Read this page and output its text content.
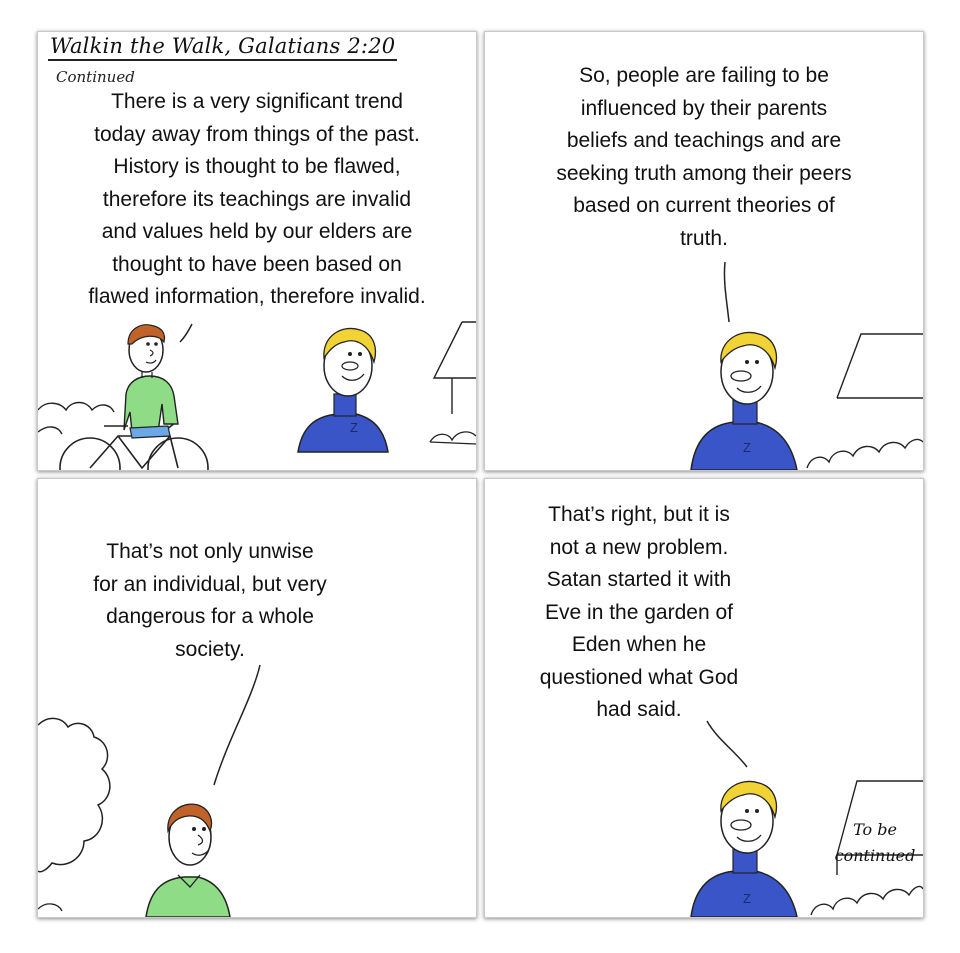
Z
Walkin the Walk, Galatians 2:20
Continued
There is a very significant trend
today away from things of the past.
History is thought to be flawed,
therefore its teachings are invalid
and values held by our elders are
thought to have been based on
flawed information, therefore invalid.
Z
So, people are failing to be
influenced by their parents
beliefs and teachings and are
seeking truth among their peers
based on current theories of
truth.
That’s not only unwise
for an individual, but very
dangerous for a whole
society.
Z
That’s right, but it is
not a new problem.
Satan started it with
Eve in the garden of
Eden when he
questioned what God
had said.
To be
continued
